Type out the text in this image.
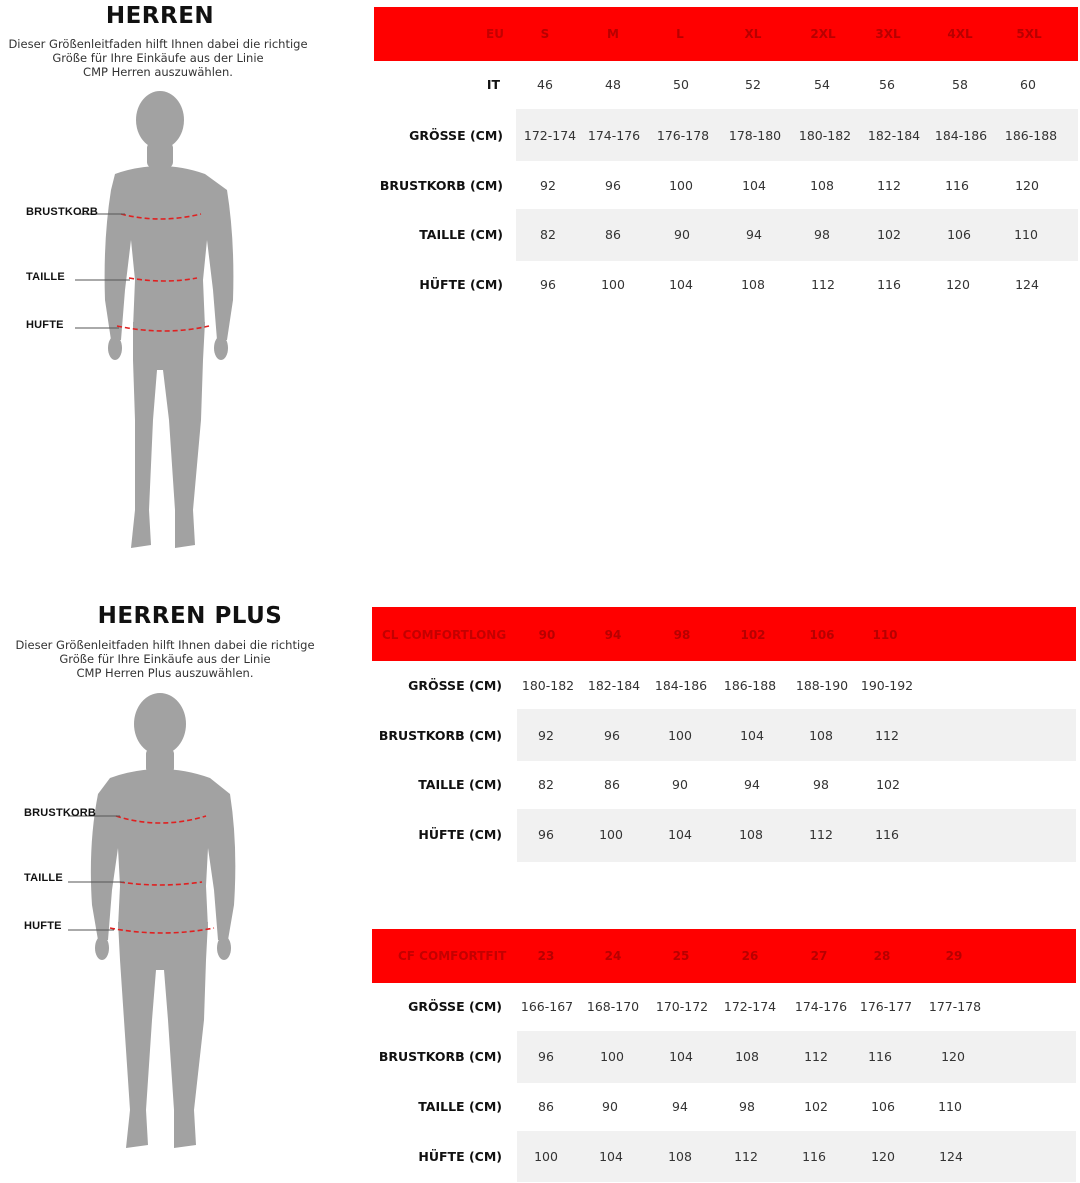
HERREN
Dieser Größenleitfaden hilft Ihnen dabei die richtige
Größe für Ihre Einkäufe aus der Linie
CMP Herren auszuwählen.
BRUSTKORB
TAILLE
HUFTE
EU	S	M	L	XL	2XL	3XL	4XL	5XL
IT	46	48	50	52	54	56	58	60
GRÖSSE (CM) 172-174 174-176 176-178 178-180 180-182 182-184 184-186 186-188
BRUSTKORB (CM)	92	96	100	104	108	112	116	120
TAILLE (CM)	82	86	90	94	98	102	106	110
HÜFTE (CM)	96	100	104	108	112	116	120	124
HERREN PLUS
Dieser Größenleitfaden hilft Ihnen dabei die richtige
Größe für Ihre Einkäufe aus der Linie
CMP Herren Plus auszuwählen.
BRUSTKORB
TAILLE
HUFTE
CL COMFORTLONG	90	94	98	102	106	110
GRÖSSE (CM) 180-182 182-184 184-186 186-188 188-190 190-192
BRUSTKORB (CM)	92	96	100	104	108	112
TAILLE (CM)	82	86	90	94	98	102
HÜFTE (CM)	96	100	104	108	112	116
CF COMFORTFIT	23	24	25	26	27	28	29
GRÖSSE (CM) 166-167 168-170 170-172 172-174 174-176 176-177 177-178
BRUSTKORB (CM)	96	100	104	108	112	116	120
TAILLE (CM)	86	90	94	98	102	106	110
HÜFTE (CM)	100	104	108	112	116	120	124
